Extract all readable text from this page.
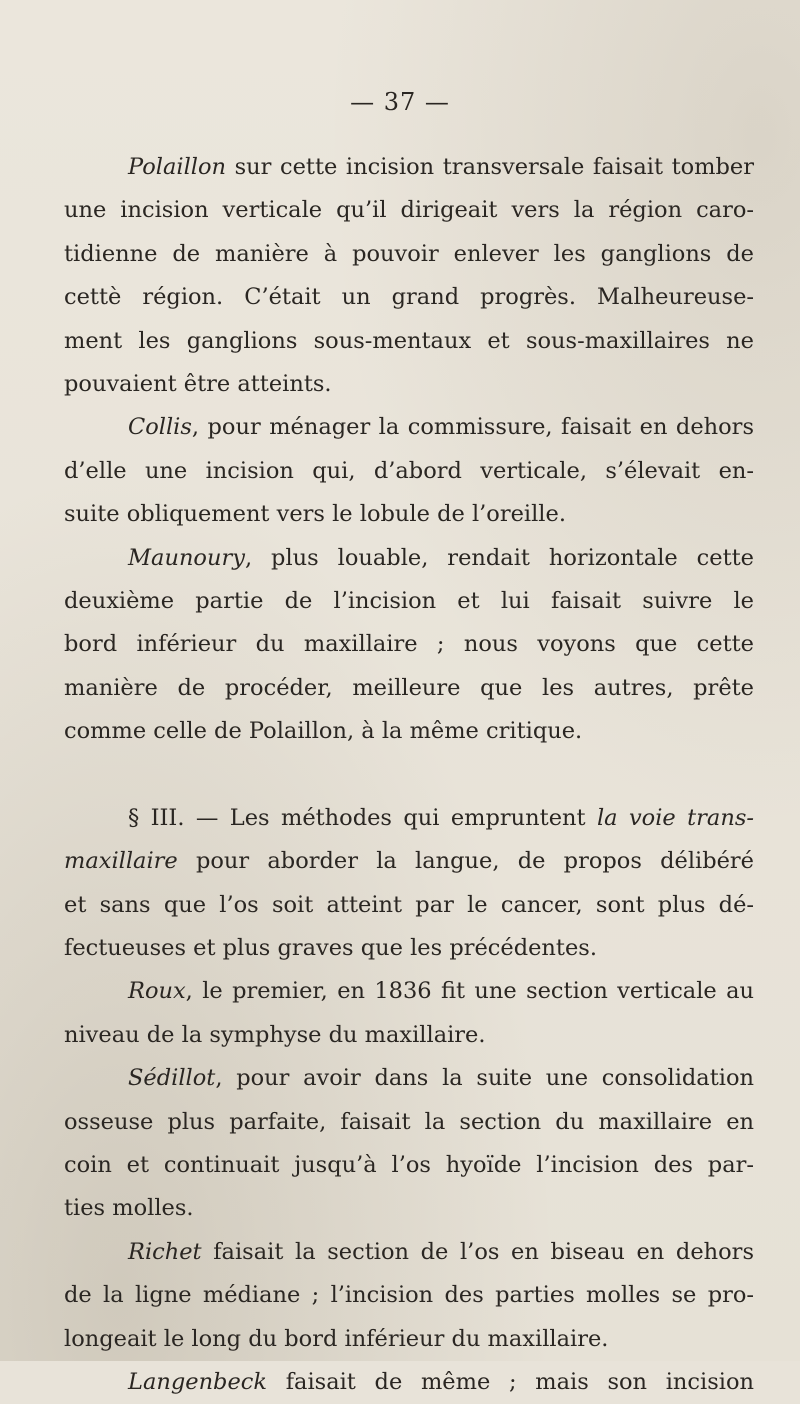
— 37 —
Polaillon sur cette incision transversale faisait tomber
une incision verticale qu’il dirigeait vers la région caro-
tidienne de manière à pouvoir enlever les ganglions de
cettè région. C’était un grand progrès. Malheureuse-
ment les ganglions sous-mentaux et sous-maxillaires ne
pouvaient être atteints.
Collis, pour ménager la commissure, faisait en dehors
d’elle une incision qui, d’abord verticale, s’élevait en-
suite obliquement vers le lobule de l’oreille.
Maunoury, plus louable, rendait horizontale cette
deuxième partie de l’incision et lui faisait suivre le
bord inférieur du maxillaire ; nous voyons que cette
manière de procéder, meilleure que les autres, prête
comme celle de Polaillon, à la même critique.
§ III. — Les méthodes qui empruntent la voie trans-
maxillaire pour aborder la langue, de propos délibéré
et sans que l’os soit atteint par le cancer, sont plus dé-
fectueuses et plus graves que les précédentes.
Roux, le premier, en 1836 fit une section verticale au
niveau de la symphyse du maxillaire.
Sédillot, pour avoir dans la suite une consolidation
osseuse plus parfaite, faisait la section du maxillaire en
coin et continuait jusqu’à l’os hyoïde l’incision des par-
ties molles.
Richet faisait la section de l’os en biseau en dehors
de la ligne médiane ; l’incision des parties molles se pro-
longeait le long du bord inférieur du maxillaire.
Langenbeck faisait de même ; mais son incision
